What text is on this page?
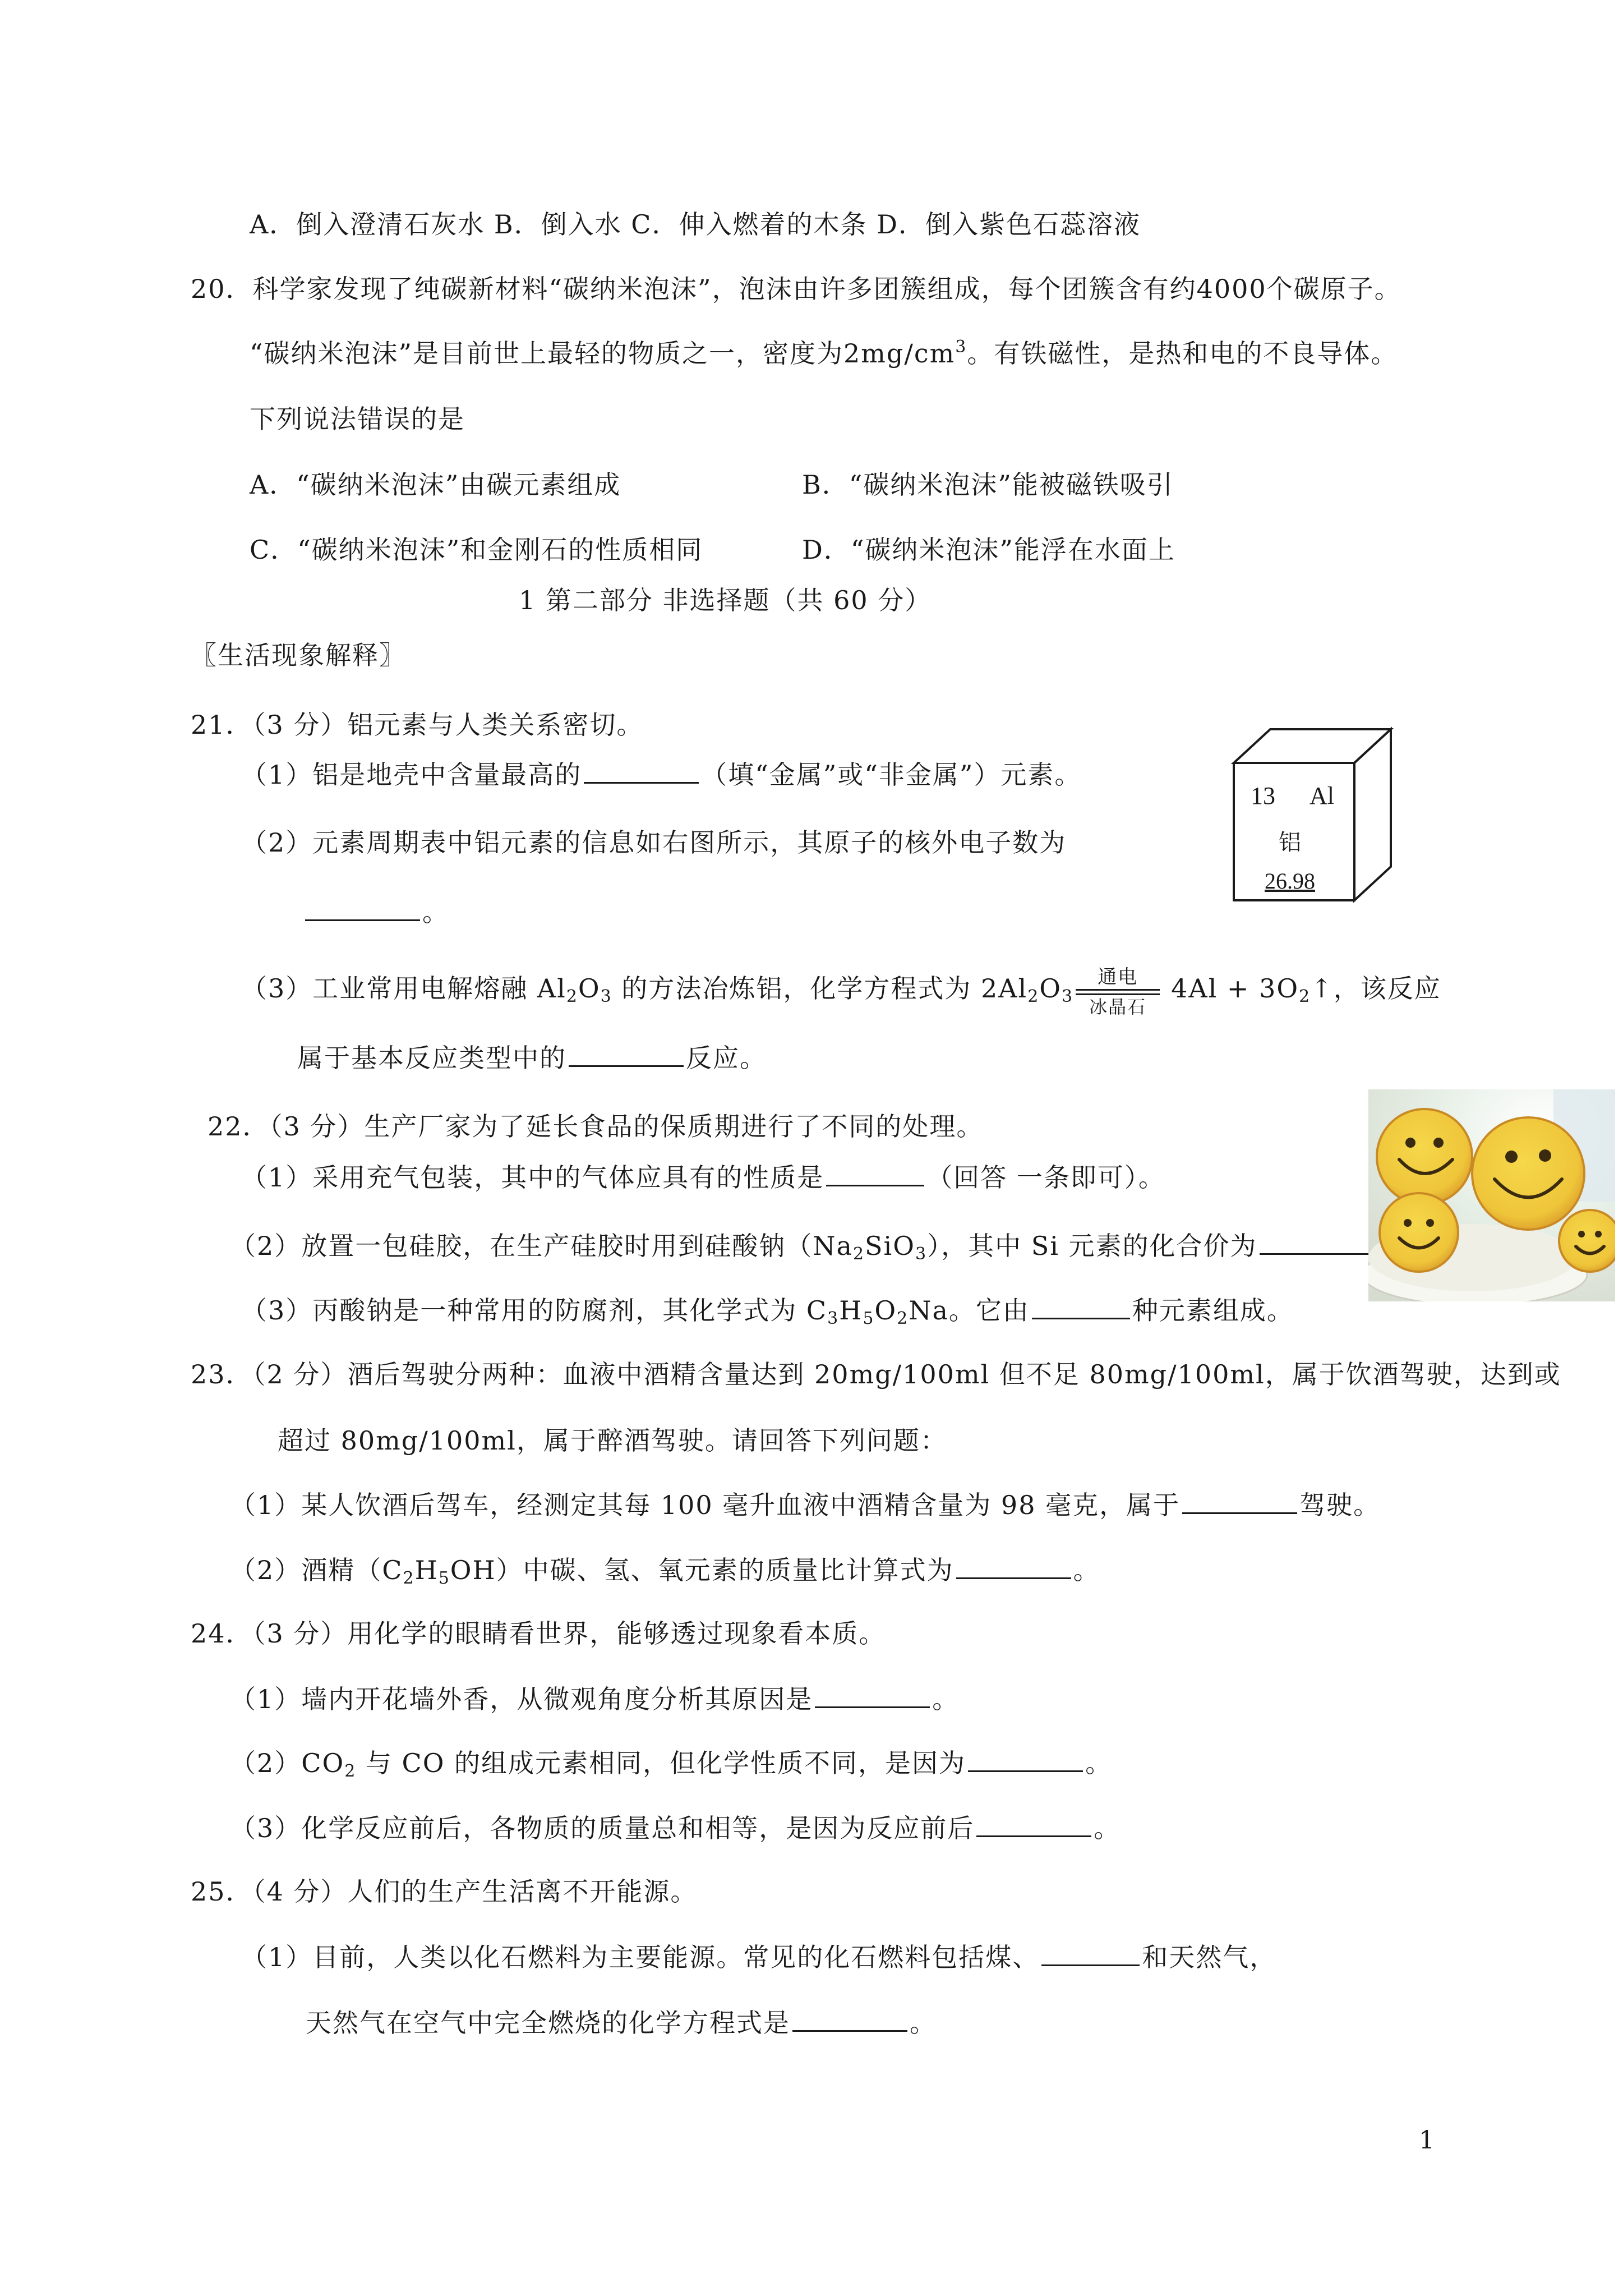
A．倒入澄清石灰水 B．倒入水 C．伸入燃着的木条 D．倒入紫色石蕊溶液
20．科学家发现了纯碳新材料“碳纳米泡沫”，泡沫由许多团簇组成，每个团簇含有约4000个碳原子。
“碳纳米泡沫”是目前世上最轻的物质之一，密度为$2mg/cm^3$。有铁磁性，是热和电的不良导体。
下列说法错误的是
A．“碳纳米泡沫”由碳元素组成	B．“碳纳米泡沫”能被磁铁吸引
C．“碳纳米泡沫”和金刚石的性质相同	D．“碳纳米泡沫”能浮在水面上
1 第二部分 非选择题（共 60 分）
〖生活现象解释〗
21．（3 分）铝元素与人类关系密切。
（1）铝是地壳中含量最高的	（填“金属”或“非金属”）元素。
（2）元素周期表中铝元素的信息如右图所示，其原子的核外电子数为
。
（3）工业常用电解熔融 $Al_2O_3$ 的方法冶炼铝，化学方程式为 $2Al_2O_3$
通电
冰晶石
$4Al + 3O_2↑$，该反应
属于基本反应类型中的	反应。
13 Al
铝
26.98
22．（3 分）生产厂家为了延长食品的保质期进行了不同的处理。
（1）采用充气包装，其中的气体应具有的性质是	（回答 一条即可）。
（2）放置一包硅胶，在生产硅胶时用到硅酸钠$(Na_2SiO_3)$，其中 Si 元素的化合价为
（3）丙酸钠是一种常用的防腐剂，其化学式为 $C_3H_5O_2Na$。它由	种元素组成。
23．（2 分）酒后驾驶分两种：血液中酒精含量达到 20mg/100ml 但不足 80mg/100ml，属于饮酒驾驶，达到或
超过 80mg/100ml，属于醉酒驾驶。请回答下列问题：
（1）某人饮酒后驾车，经测定其每 100 毫升血液中酒精含量为 98 毫克，属于	驾驶。
（2）酒精$(C_2H_5OH)$中碳、氢、氧元素的质量比计算式为	。
24．（3 分）用化学的眼睛看世界，能够透过现象看本质。
（1）墙内开花墙外香，从微观角度分析其原因是	。
$(2)CO_2$ 与 CO 的组成元素相同，但化学性质不同，是因为	。
（3）化学反应前后，各物质的质量总和相等，是因为反应前后	。
25．（4 分）人们的生产生活离不开能源。
（1）目前，人类以化石燃料为主要能源。常见的化石燃料包括煤、	和天然气，
天然气在空气中完全燃烧的化学方程式是	。
1
